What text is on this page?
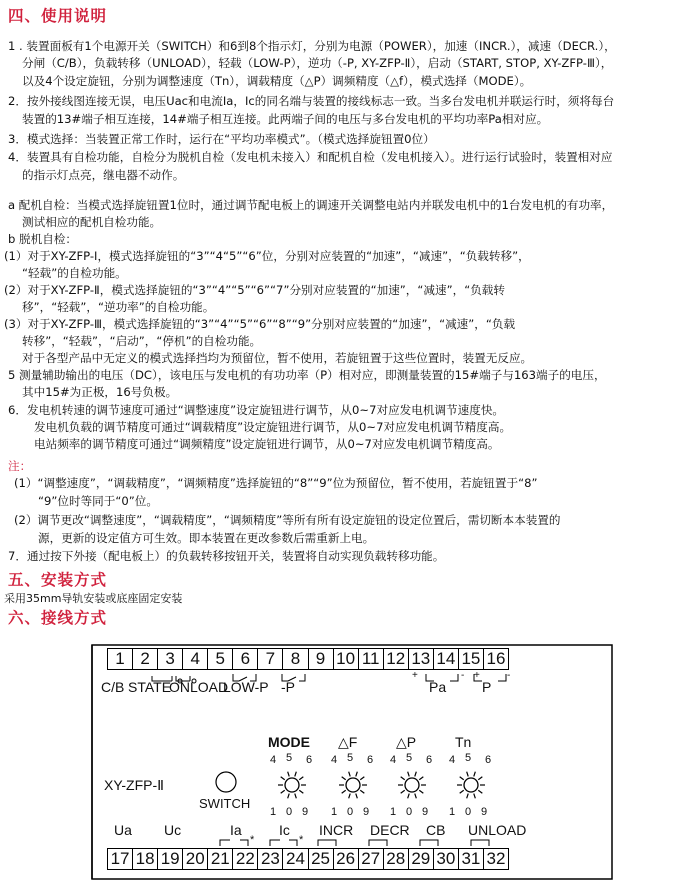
四、使用说明
1 . 装置面板有1个电源开关（SWITCH）和6到8个指示灯，分别为电源（POWER），加速（INCR.），减速（DECR.），
分闸（C/B），负载转移（UNLOAD），轻载（LOW-P），逆功（-P, XY-ZFP-Ⅱ），启动（START, STOP, XY-ZFP-Ⅲ），
以及4个设定旋钮，分别为调整速度（Tn），调载精度（△P）调频精度（△f），模式选择（MODE）。
2．按外接线图连接无误，电压Uac和电流Ia，Ic的同名端与装置的接线标志一致。当多台发电机并联运行时，须将每台
装置的13#端子相互连接，14#端子相互连接。此两端子间的电压与多台发电机的平均功率Pa相对应。
3．模式选择：当装置正常工作时，运行在“平均功率模式”。（模式选择旋钮置0位）
4．装置具有自检功能，自检分为脱机自检（发电机未接入）和配机自检（发电机接入）。进行运行试验时，装置相对应
的指示灯点亮，继电器不动作。
a 配机自检：当模式选择旋钮置1位时，通过调节配电板上的调速开关调整电站内并联发电机中的1台发电机的有功率，
测试相应的配机自检功能。
b 脱机自检：
(1）对于XY-ZFP-Ⅰ，模式选择旋钮的“3”“4“5”“6”位，分别对应装置的“加速”，“减速”，“负载转移”，
“轻载”的自检功能。
(2）对于XY-ZFP-Ⅱ，模式选择旋钮的“3”“4”“5”“6”“7”分别对应装置的“加速”，“减速”，“负载转
移”，“轻载”，“逆功率”的自检功能。
(3）对于XY-ZFP-Ⅲ，模式选择旋钮的“3”“4”“5”“6”“8”“9”分别对应装置的“加速”，“减速”，“负载
转移”，“轻载”，“启动”，“停机”的自检功能。
对于各型产品中无定义的模式选择挡均为预留位，暂不使用，若旋钮置于这些位置时，装置无反应。
5 测量辅助输出的电压（DC），该电压与发电机的有功功率（P）相对应，即测量装置的15#端子与163端子的电压，
其中15#为正极，16号负极。
6．发电机转速的调节速度可通过“调整速度”设定旋钮进行调节，从0~7对应发电机调节速度快。
发电机负载的调节精度可通过“调载精度”设定旋钮进行调节，从0~7对应发电机调节精度高。
电站频率的调节精度可通过“调频精度”设定旋钮进行调节，从0~7对应发电机调节精度高。
注：
(1）“调整速度”，“调载精度”，“调频精度”选择旋钮的“8”“9”位为预留位，暂不使用，若旋钮置于“8”
“9”位时等同于“0”位。
(2）调节更改“调整速度”，“调载精度”，“调频精度”等所有所有设定旋钮的设定位置后，需切断本本装置的
源，更新的设定值方可生效。即本装置在更改参数后需重新上电。
7．通过按下外接（配电板上）的负载转移按钮开关，装置将自动实现负载转移功能。
五、安装方式
采用35mm导轨安装或底座固定安装
六、接线方式
1 2 3 4 5 6 7 8 9 10 11 12 13 14 15 16
C/B STATE
ONLOAD
LOW-P -P
+
Pa
- +
P
-
XY-ZFP-Ⅱ
SWITCH
MODE △F	△P	Tn
4 5 6
1 0 9
4 5 6
1 0 9
4 5 6
1 0 9
4 5 6
1 0 9
Ua Uc	Ia	Ic INCR DECR CB UNLOAD
*	*
17 18 19 20 21 22 23 24 25 26 27 28 29 30 31 32
